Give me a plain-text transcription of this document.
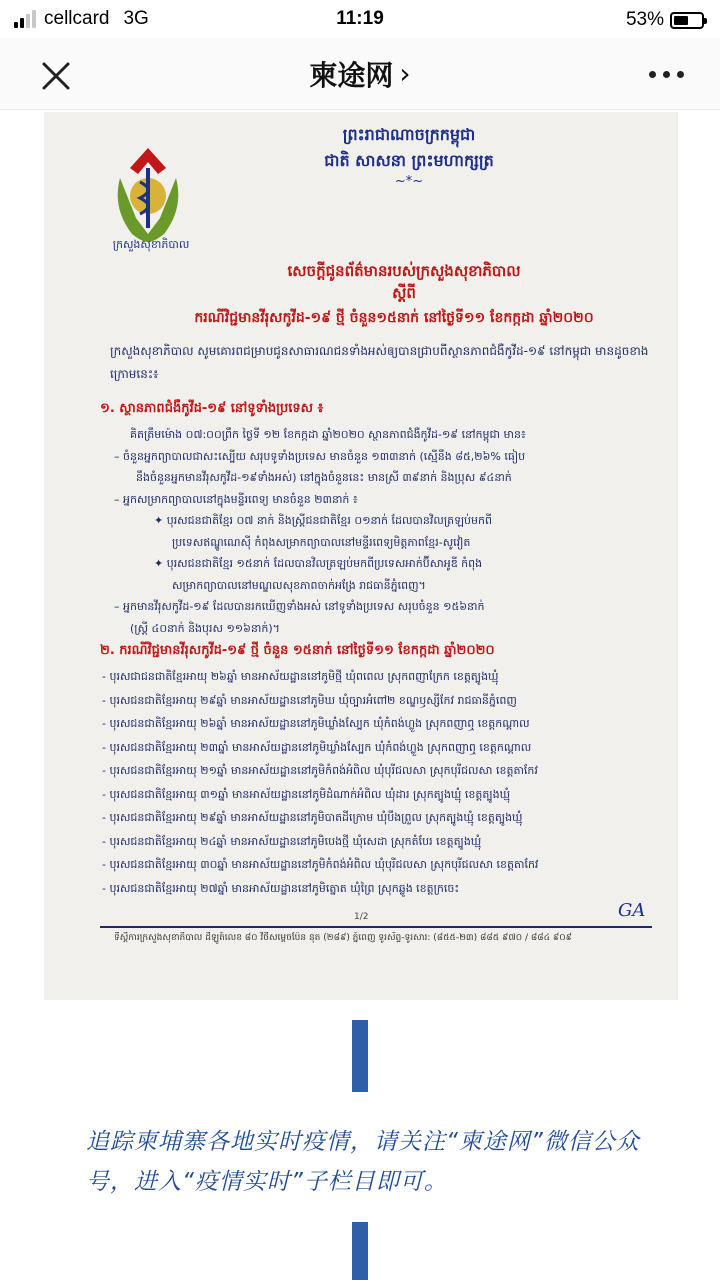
cellcard 3G	11:19	53%
柬途网 ›
ក្រសួងសុខាភិបាល
ព្រះរាជាណាចក្រកម្ពុជា
ជាតិ សាសនា ព្រះមហាក្សត្រ
~*~
សេចក្តីជូនព័ត៌មានរបស់ក្រសួងសុខាភិបាល
ស្តីពី
ករណីវិជ្ជមានវីរុសកូវីដ-១៩ ថ្មី ចំនួន១៥នាក់ នៅថ្ងៃទី១១ ខែកក្កដា ឆ្នាំ២០២០
ក្រសួងសុខាភិបាល សូមគោរពជម្រាបជូនសាធារណជនទាំងអស់ឲ្យបានជ្រាបពីស្ថានភាពជំងឺកូវីដ-១៩ នៅកម្ពុជា មានដូចខាងក្រោមនេះ៖
១. ស្ថានភាពជំងឺកូវីដ-១៩ នៅទូទាំងប្រទេស ៖
២. ករណីវិជ្ជមានវីរុសកូវីដ-១៩ ថ្មី ចំនួន ១៥នាក់ នៅថ្ងៃទី១១ ខែកក្កដា ឆ្នាំ២០២០
1/2	GA
ទីស្តីការក្រសួងសុខាភិបាល ដីឡូត៍លេខ ៨០ វិថីសម្តេចប៉ែន នុត (២៨៩) ភ្នំពេញ ទូរស័ព្ទ-ទូរសារ: (៨៥៥-២៣) ៨៨៥ ៩៧០ / ៨៨៤ ៩០៩
គិតត្រឹមម៉ោង ០៧:០០ព្រឹក ថ្ងៃទី ១២ ខែកក្កដា ឆ្នាំ២០២០ ស្ថានភាពជំងឺកូវីដ-១៩ នៅកម្ពុជា មាន៖
– ចំនួនអ្នកព្យាបាលជាសះស្បើយ សរុបទូទាំងប្រទេស មានចំនួន ១៣៣នាក់ (ស្មើនឹង ៨៥,២៦% ធៀប
នឹងចំនួនអ្នកមានវីរុសកូវីដ-១៩ទាំងអស់) នៅក្នុងចំនួននេះ មានស្រី ៣៩នាក់ និងប្រុស ៩៤នាក់
– អ្នកសម្រាកព្យាបាលនៅក្នុងមន្ទីរពេទ្យ មានចំនួន ២៣នាក់ ៖
✦ បុរសជនជាតិខ្មែរ ០៧ នាក់ និងស្ត្រីជនជាតិខ្មែរ ០១នាក់ ដែលបានវិលត្រឡប់មកពី
ប្រទេសឥណ្ឌូណេស៊ី កំពុងសម្រាកព្យាបាលនៅមន្ទីរពេទ្យមិត្តភាពខ្មែរ-សូវៀត
✦ បុរសជនជាតិខ្មែរ ១៥នាក់ ដែលបានវិលត្រឡប់មកពីប្រទេសអាក់ប៊ីសាអូឌី កំពុង
សម្រាកព្យាបាលនៅមណ្ឌលសុខភាពចាក់អង្រែ រាជធានីភ្នំពេញ។
– អ្នកមានវីរុសកូវីដ-១៩ ដែលបានរកឃើញទាំងអស់ នៅទូទាំងប្រទេស សរុបចំនួន ១៥៦នាក់
(ស្ត្រី ៤០នាក់ និងបុរស ១១៦នាក់)។
- បុរសជាជនជាតិខ្មែរអាយុ ២៦ឆ្នាំ មានអាស័យដ្ឋាននៅភូមិថ្មី ឃុំពពេល ស្រុកពញាក្រែក ខេត្តត្បូងឃ្មុំ
- បុរសជនជាតិខ្មែរអាយុ ២៩ឆ្នាំ មានអាស័យដ្ឋាននៅភូមិឃ ឃុំច្បារអំពៅ២ ខណ្ឌឫស្សីកែវ រាជធានីភ្នំពេញ
- បុរសជនជាតិខ្មែរអាយុ ២៦ឆ្នាំ មានអាស័យដ្ឋាននៅភូមិឃ្លាំងស្បែក ឃុំកំពង់ហ្លួង ស្រុកពញាឮ ខេត្តកណ្តាល
- បុរសជនជាតិខ្មែរអាយុ ២៣ឆ្នាំ មានអាស័យដ្ឋាននៅភូមិឃ្លាំងស្បែក ឃុំកំពង់ហ្លួង ស្រុកពញាឮ ខេត្តកណ្តាល
- បុរសជនជាតិខ្មែរអាយុ ២១ឆ្នាំ មានអាស័យដ្ឋាននៅភូមិកំពង់អំពិល ឃុំបុរីជលសា ស្រុកបុរីជលសា ខេត្តតាកែវ
- បុរសជនជាតិខ្មែរអាយុ ៣១ឆ្នាំ មានអាស័យដ្ឋាននៅភូមិដំណាក់អំពិល ឃុំដារ ស្រុកត្បូងឃ្មុំ ខេត្តត្បូងឃ្មុំ
- បុរសជនជាតិខ្មែរអាយុ ២៩ឆ្នាំ មានអាស័យដ្ឋាននៅភូមិបាតដីក្រោម ឃុំបឹងព្រួល ស្រុកត្បូងឃ្មុំ ខេត្តត្បូងឃ្មុំ
- បុរសជនជាតិខ្មែរអាយុ ២៤ឆ្នាំ មានអាស័យដ្ឋាននៅភូមិបេងថ្មី ឃុំសេដា ស្រុកតំបែរ ខេត្តត្បូងឃ្មុំ
- បុរសជនជាតិខ្មែរអាយុ ៣០ឆ្នាំ មានអាស័យដ្ឋាននៅភូមិកំពង់អំពិល ឃុំបុរីជលសា ស្រុកបុរីជលសា ខេត្តតាកែវ
- បុរសជនជាតិខ្មែរអាយុ ២៧ឆ្នាំ មានអាស័យដ្ឋាននៅភូមិត្នោត ឃុំព្រៃ ស្រុកឆ្លូង ខេត្តក្រចេះ
追踪柬埔寨各地实时疫情，请关注“柬途网”微信公众号，进入“疫情实时”子栏目即可。
